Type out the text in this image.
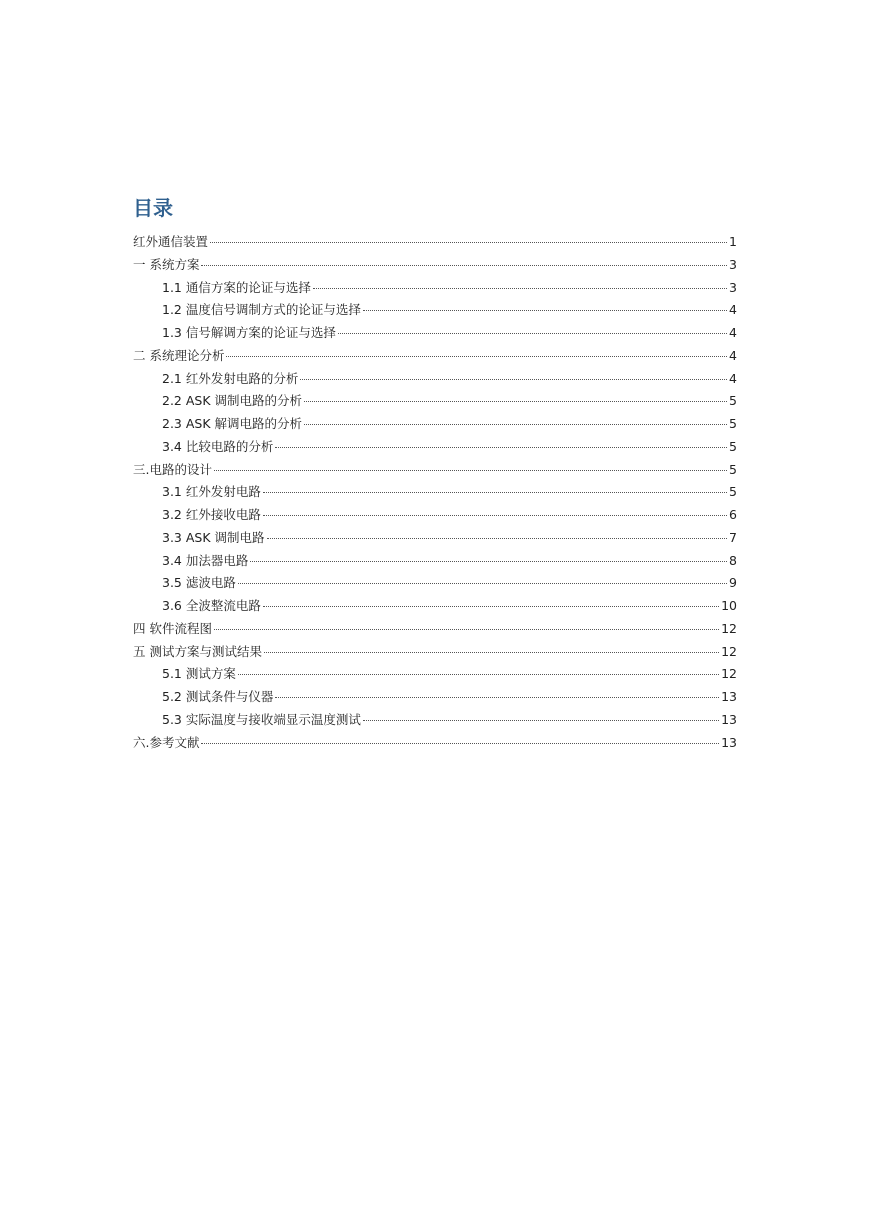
目录
红外通信装置	1
一 系统方案	3
1.1 通信方案的论证与选择	3
1.2 温度信号调制方式的论证与选择	4
1.3 信号解调方案的论证与选择	4
二 系统理论分析	4
2.1 红外发射电路的分析	4
2.2 ASK 调制电路的分析	5
2.3 ASK 解调电路的分析	5
3.4 比较电路的分析	5
三.电路的设计	5
3.1 红外发射电路	5
3.2 红外接收电路	6
3.3 ASK 调制电路	7
3.4 加法器电路	8
3.5 滤波电路	9
3.6 全波整流电路	10
四 软件流程图	12
五 测试方案与测试结果	12
5.1 测试方案	12
5.2 测试条件与仪器	13
5.3 实际温度与接收端显示温度测试	13
六.参考文献	13
